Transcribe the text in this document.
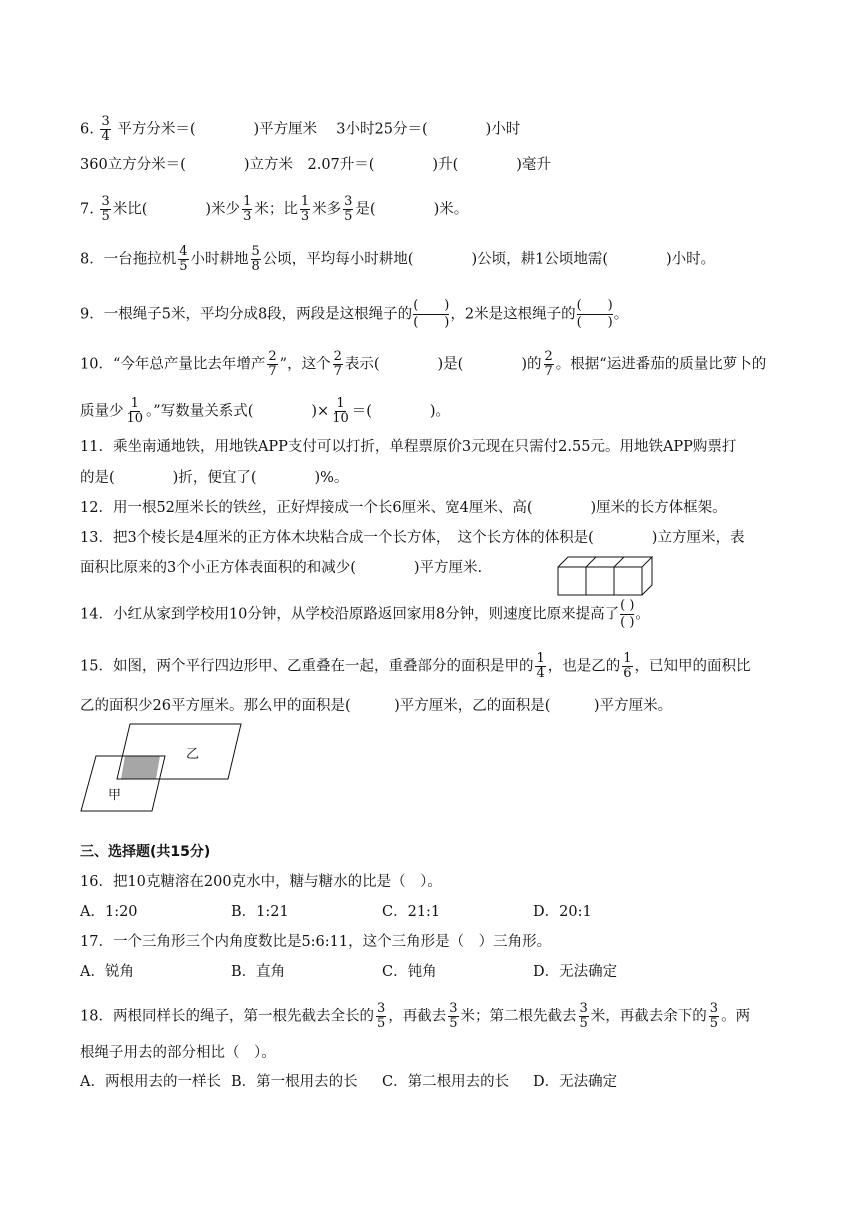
6. $\frac{3}{4}$ 平方分米＝(　　　　)平方厘米　 3小时25分＝(　　　　)小时
360立方分米＝(　　　　)立方米　2.07升＝(　　　　)升(　　　　)毫升
7. $\frac{3}{5}$ 米比(　　　　)米少 $\frac{1}{3}$ 米；比 $\frac{1}{3}$ 米多 $\frac{3}{5}$ 是(　　　　)米。
8．一台拖拉机 $\frac{4}{5}$ 小时耕地 $\frac{5}{8}$ 公顷，平均每小时耕地(　　　　)公顷，耕1公顷地需(　　　　)小时。
9．一根绳子5米，平均分成8段，两段是这根绳子的
(　　)
(　　) ，2米是这根绳子的
(　　)
(　　) 。
10．“今年总产量比去年增产 $\frac{2}{7}$ ”，这个 $\frac{2}{7}$ 表示(　　　　)是(　　　　)的 $\frac{2}{7}$ 。根据“运进番茄的质量比萝卜的
质量少 $\frac{1}{10}$ 。”写数量关系式(　　　　)× $\frac{1}{10}$ ＝(　　　　)。
11．乘坐南通地铁，用地铁APP支付可以打折，单程票原价3元现在只需付2.55元。用地铁APP购票打
的是(　　　　)折，便宜了(　　　　)%。
12．用一根52厘米长的铁丝，正好焊接成一个长6厘米、宽4厘米、高(　　　　)厘米的长方体框架。
13．把3个棱长是4厘米的正方体木块粘合成一个长方体，　这个长方体的体积是(　　　　)立方厘米，表
面积比原来的3个小正方体表面积的和减少(　　　　)平方厘米.
14．小红从家到学校用10分钟，从学校沿原路返回家用8分钟，则速度比原来提高了
( )
( ) 。
15．如图，两个平行四边形甲、乙重叠在一起，重叠部分的面积是甲的 $\frac{1}{4}$ ，也是乙的 $\frac{1}{6}$ ，已知甲的面积比
乙的面积少26平方厘米。那么甲的面积是(　　　)平方厘米，乙的面积是(　　　)平方厘米。
乙
甲
三、选择题(共15分)
16．把10克糖溶在200克水中，糖与糖水的比是（　）。
A．1:20	B．1:21	C．21:1	D．20:1
17．一个三角形三个内角度数比是5:6:11，这个三角形是（　）三角形。
A．锐角	B．直角	C．钝角	D．无法确定
18．两根同样长的绳子，第一根先截去全长的 $\frac{3}{5}$ ，再截去 $\frac{3}{5}$ 米；第二根先截去 $\frac{3}{5}$ 米，再截去余下的 $\frac{3}{5}$ 。两
根绳子用去的部分相比（　）。
A．两根用去的一样长 B．第一根用去的长 C．第二根用去的长 D．无法确定
